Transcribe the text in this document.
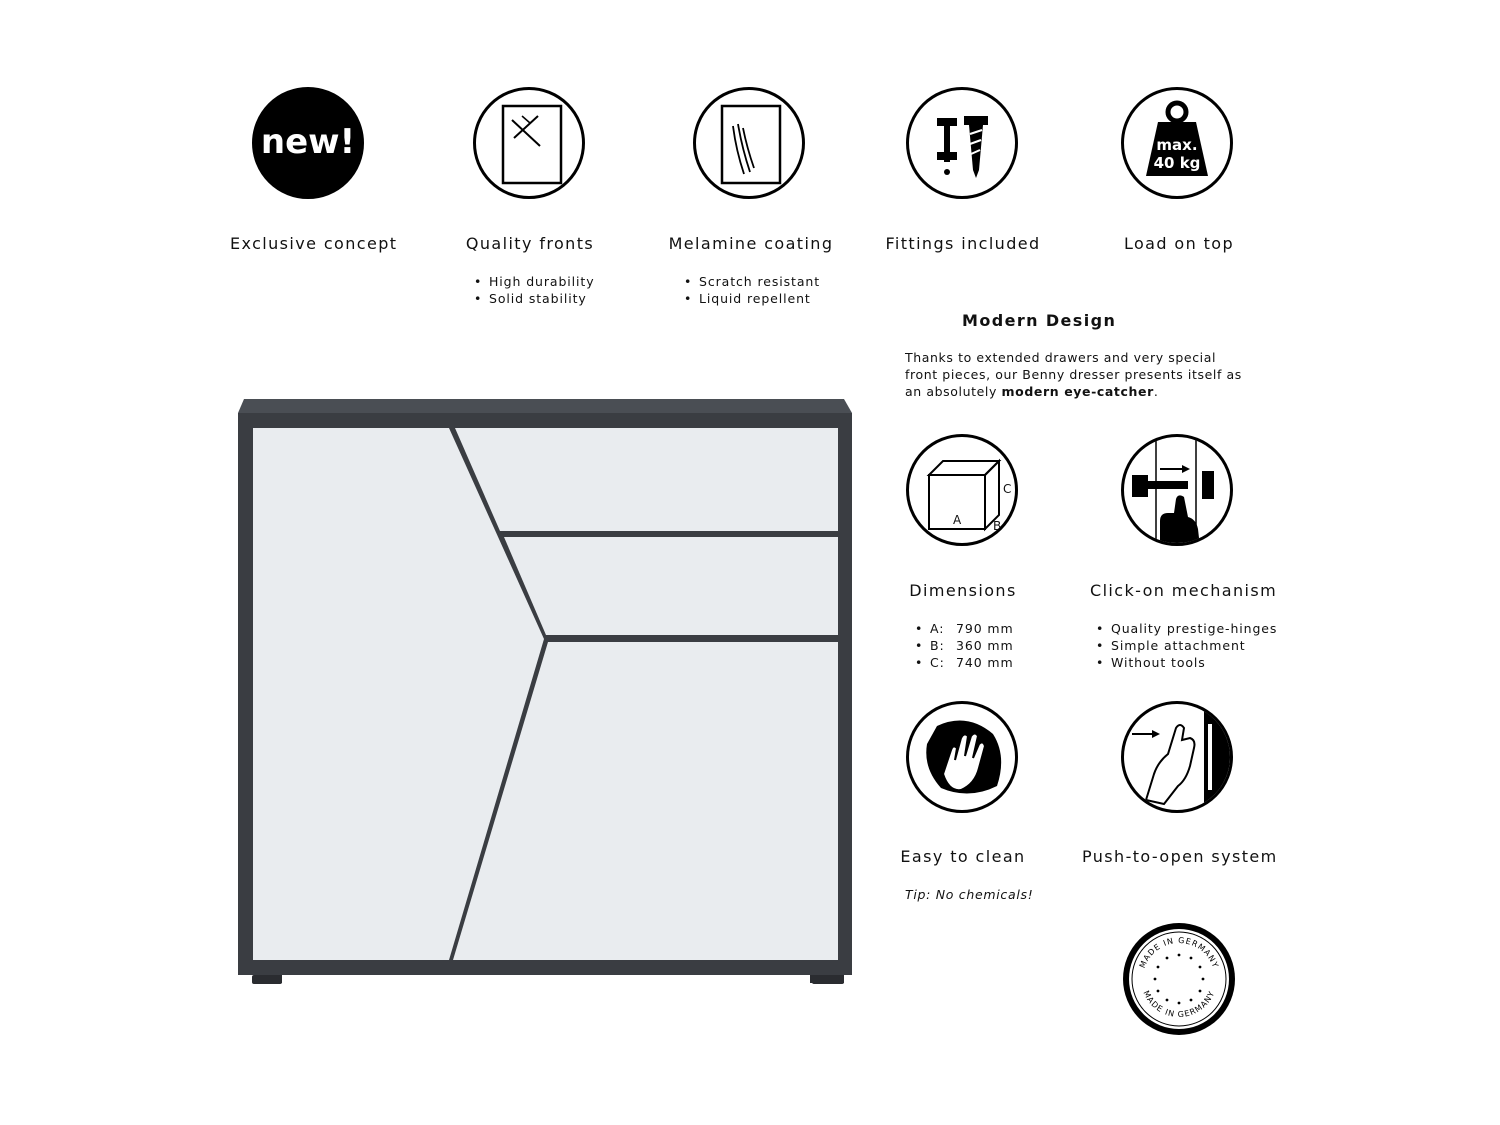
new!
Exclusive concept	Quality fronts
• High durability
• Solid stability
Melamine coating
• Scratch resistant
• Liquid repellent
Fittings included
max.
40 kg
Load on top
Modern Design
Thanks to extended drawers and very special front pieces, our Benny dresser presents itself as an absolutely modern eye-catcher.
A	B
C
Dimensions
• A: 790 mm
• B: 360 mm
• C: 740 mm
Click-on mechanism
• Quality prestige-hinges
• Simple attachment
• Without tools
Easy to clean
Tip: No chemicals!
Push-to-open system
MADE IN GERMANY
MADE IN GERMANY
